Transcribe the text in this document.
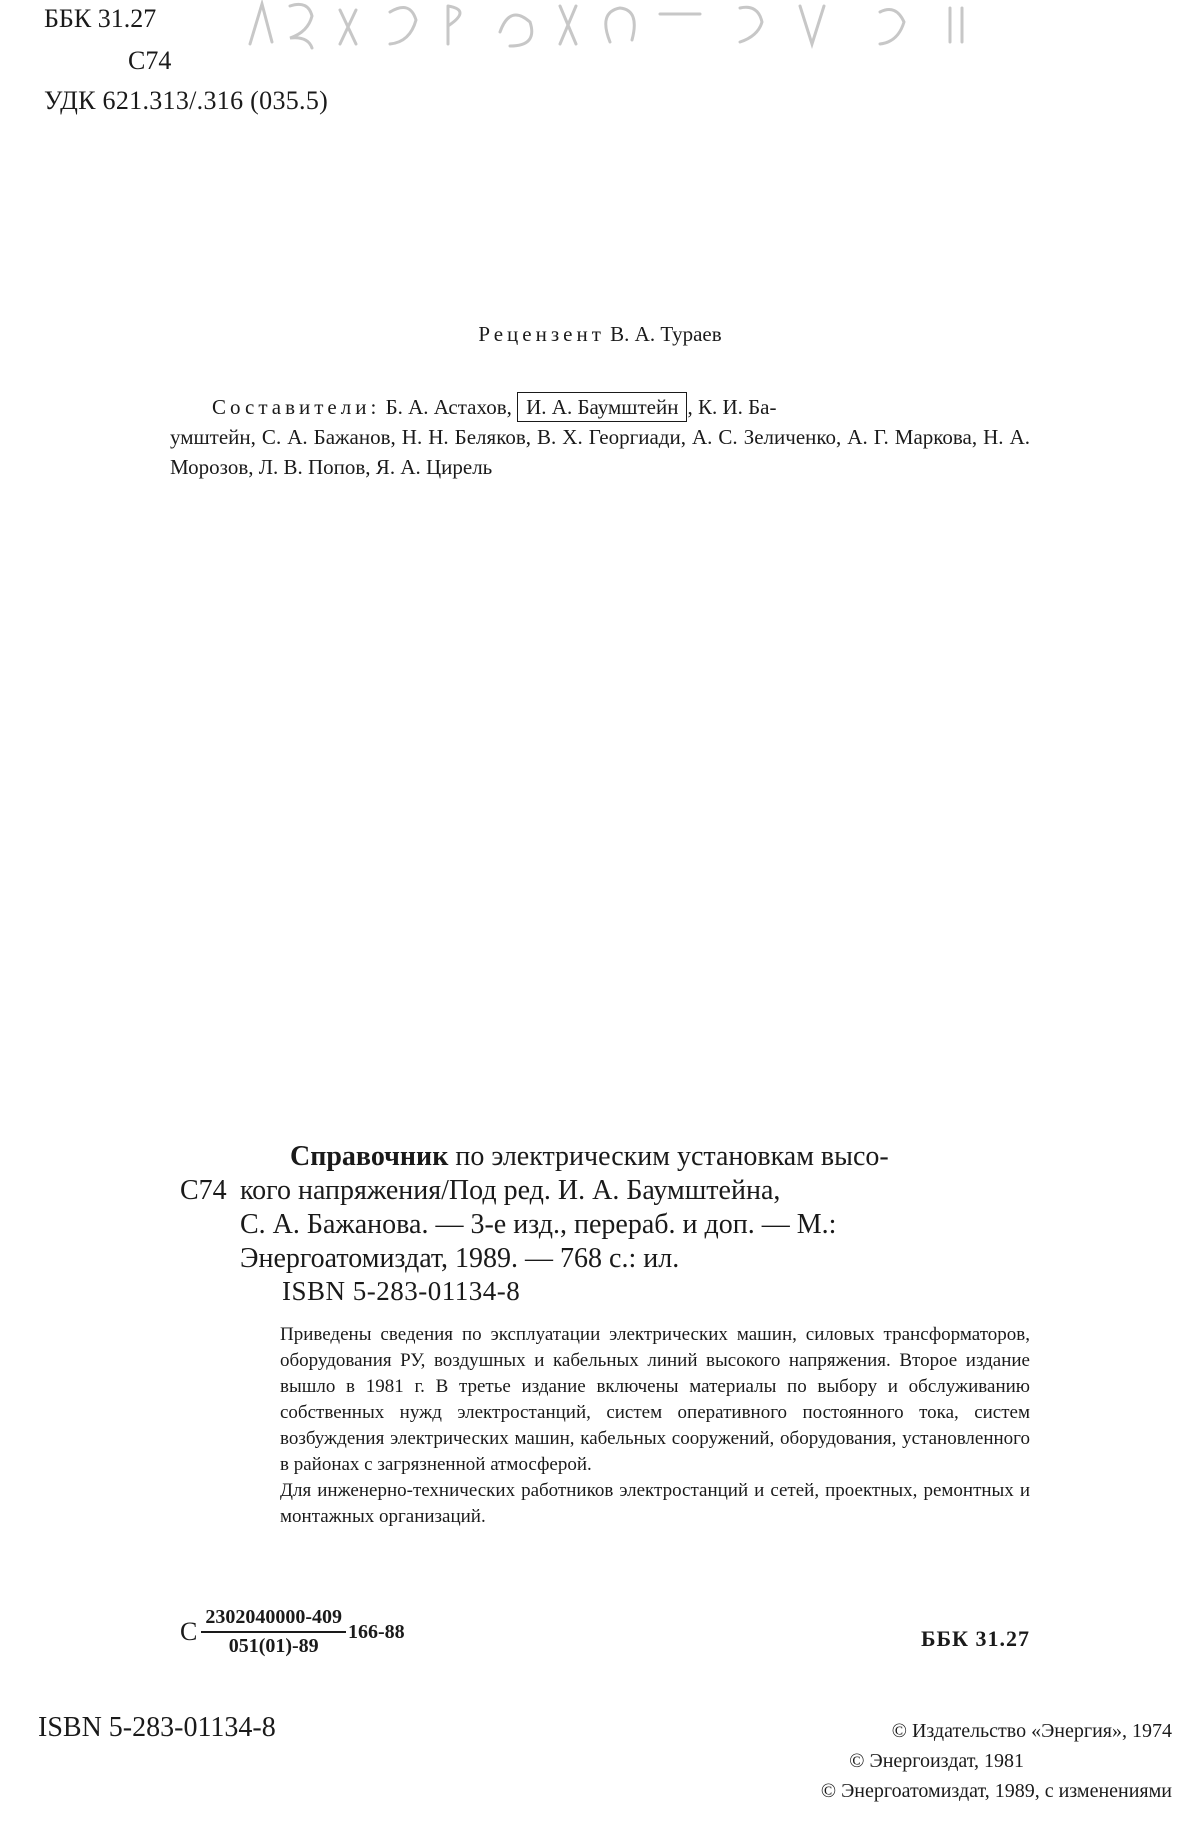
ББК 31.27
С74
УДК 621.313/.316 (035.5)
Рецензент В. А. Тураев
Составители: Б. А. Астахов, И. А. Баумштейн , К. И. Ба-
умштейн, С. А. Бажанов, Н. Н. Беляков, В. Х. Георгиади, А. С. Зеличенко, А. Г. Маркова, Н. А. Морозов, Л. В. Попов, Я. А. Цирель
Справочник по электрическим установкам высо-
С74 кого напряжения/Под ред. И. А. Баумштейна,
С. А. Бажанова. — 3-е изд., перераб. и доп. — М.:
Энергоатомиздат, 1989. — 768 с.: ил.
ISBN 5-283-01134-8

Приведены сведения по эксплуатации электрических машин, силовых трансформаторов, оборудования РУ, воздушных и кабельных линий высокого напряжения. Второе издание вышло в 1981 г. В третье издание включены материалы по выбору и обслуживанию собственных нужд электростанций, систем оперативного постоянного тока, систем возбуждения электрических машин, кабельных сооружений, оборудования, установленного в районах с загрязненной атмосферой.

Для инженерно-технических работников электростанций и сетей, проектных, ремонтных и монтажных организаций.

С $\frac{2302040000-409}{051(01)-89} 166-88$	ББК 31.27
ISBN 5-283-01134-8	© Издательство «Энергия», 1974
© Энергоиздат, 1981
© Энергоатомиздат, 1989, с изменениями
